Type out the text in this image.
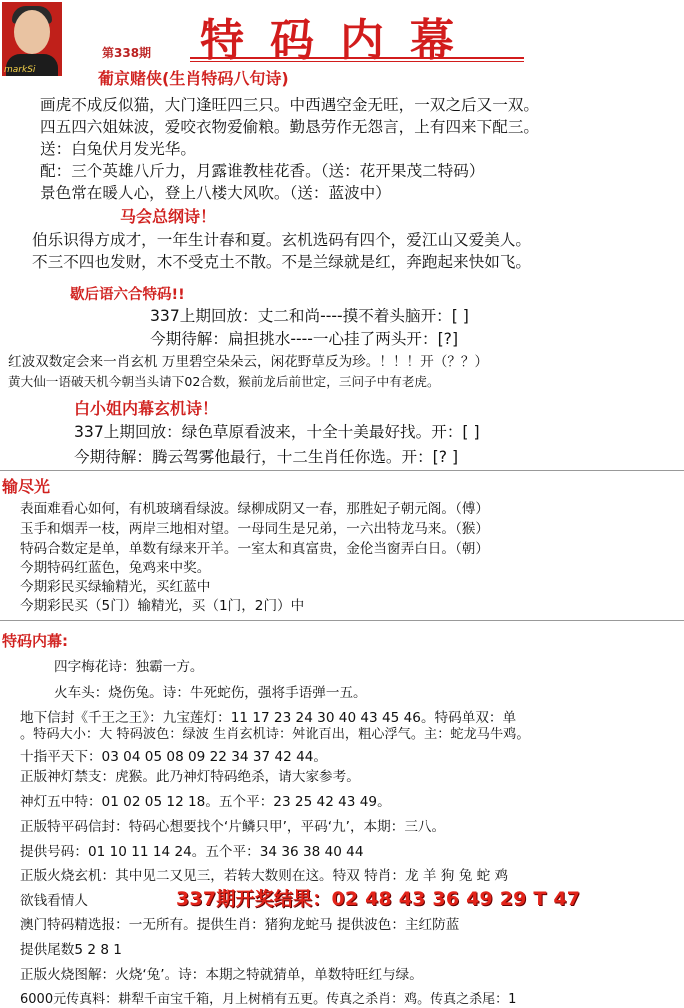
markSi
特码内幕
第338期
葡京赌侠(生肖特码八句诗)
画虎不成反似猫，大门逢旺四三只。中西遇空金无旺，一双之后又一双。
四五四六姐妹波，爱咬衣物爱偷粮。勤恳劳作无怨言，上有四来下配三。
送：白兔伏月发光华。
配：三个英雄八斤力，月露谁教桂花香。（送：花开果茂二特码）
景色常在暖人心，登上八楼大风吹。（送：蓝波中）
马会总纲诗！
伯乐识得方成才，一年生计春和夏。玄机选码有四个，爱江山又爱美人。
不三不四也发财，木不受克土不散。不是兰绿就是红，奔跑起来快如飞。
歇后语六合特码!!
337上期回放：丈二和尚----摸不着头脑开：[ ]
今期待解：扁担挑水----一心挂了两头开：[?]
红波双数定会来一肖玄机 万里碧空朵朵云，闲花野草反为珍。！！！开（？？）
黄大仙一语破天机今朝当头请下02合数，猴前龙后前世定，三问子中有老虎。
白小姐内幕玄机诗！
337上期回放：绿色草原看波来，十全十美最好找。开：[ ]
今期待解：腾云驾雾他最行，十二生肖任你选。开：[? ]
输尽光
表面难看心如何，有机玻璃看绿波。绿柳成阴又一春，那胜妃子朝元阁。（傅）
玉手和烟弄一枝，两岸三地相对望。一母同生是兄弟，一六出特龙马来。（猴）
特码合数定是单，单数有绿来开羊。一室太和真富贵，金伦当窗弄白日。（朝）
今期特码红蓝色，兔鸡来中奖。
今期彩民买绿输精光，买红蓝中
今期彩民买（5门）输精光，买（1门，2门）中
特码内幕:
四字梅花诗：独霸一方。
火车头：烧伤兔。诗：牛死蛇伤，强将手语弹一五。
地下信封《千王之王》：九宝莲灯：11 17 23 24 30 40 43 45 46。特码单双：单
。特码大小：大 特码波色：绿波 生肖玄机诗：舛讹百出，粗心浮气。主：蛇龙马牛鸡。
十指平天下：03 04 05 08 09 22 34 37 42 44。
正版神灯禁支：虎猴。此乃神灯特码绝杀，请大家参考。
神灯五中特：01 02 05 12 18。五个平：23 25 42 43 49。
正版特平码信封：特码心想要找个‘片鳞只甲’，平码‘九’，本期：三八。
提供号码：01 10 11 14 24。五个平：34 36 38 40 44
正版火烧玄机：其中见二又见三，若转大数则在这。特双 特肖：龙 羊 狗 兔 蛇 鸡
欲钱看情人	337期开奖结果：02 48 43 36 49 29 T 47
澳门特码精选报：一无所有。提供生肖：猪狗龙蛇马 提供波色：主红防蓝
提供尾数5 2 8 1
正版火烧图解：火烧‘兔’。诗：本期之特就猜单，单数特旺红与绿。
6000元传真料：耕犁千亩宝千箱，月上树梢有五更。传真之杀肖：鸡。传真之杀尾：1
